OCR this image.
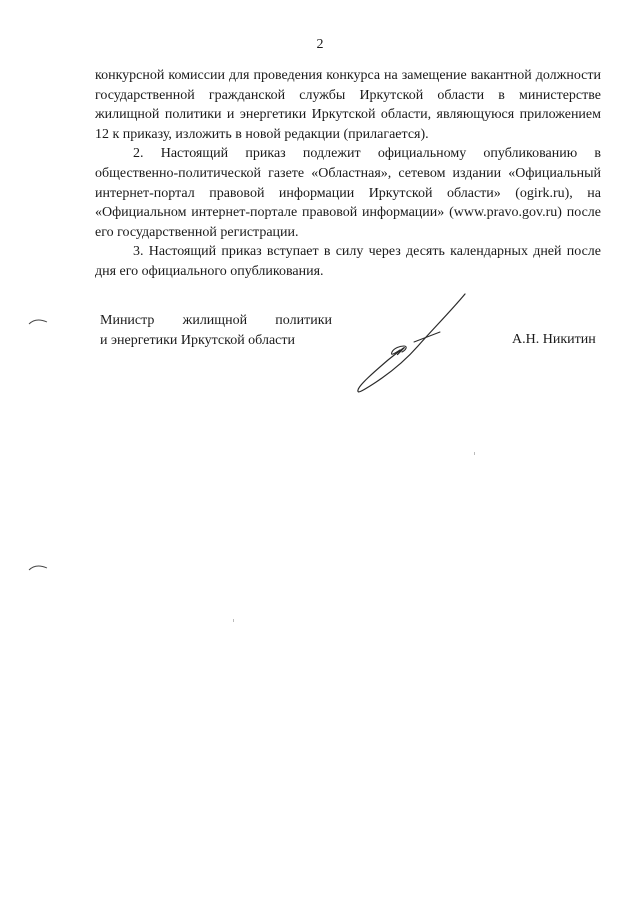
2

конкурсной комиссии для проведения конкурса на замещение вакантной должности государственной гражданской службы Иркутской области в министерстве жилищной политики и энергетики Иркутской области, являющуюся приложением 12 к приказу, изложить в новой редакции (прилагается).

2. Настоящий приказ подлежит официальному опубликованию в общественно-политической газете «Областная», сетевом издании «Официальный интернет-портал правовой информации Иркутской области» (ogirk.ru), на «Официальном интернет-портале правовой информации» (www.pravo.gov.ru) после его государственной регистрации.

3. Настоящий приказ вступает в силу через десять календарных дней после дня его официального опубликования.

Министр жилищной политики
и энергетики Иркутской области	А.Н. Никитин
